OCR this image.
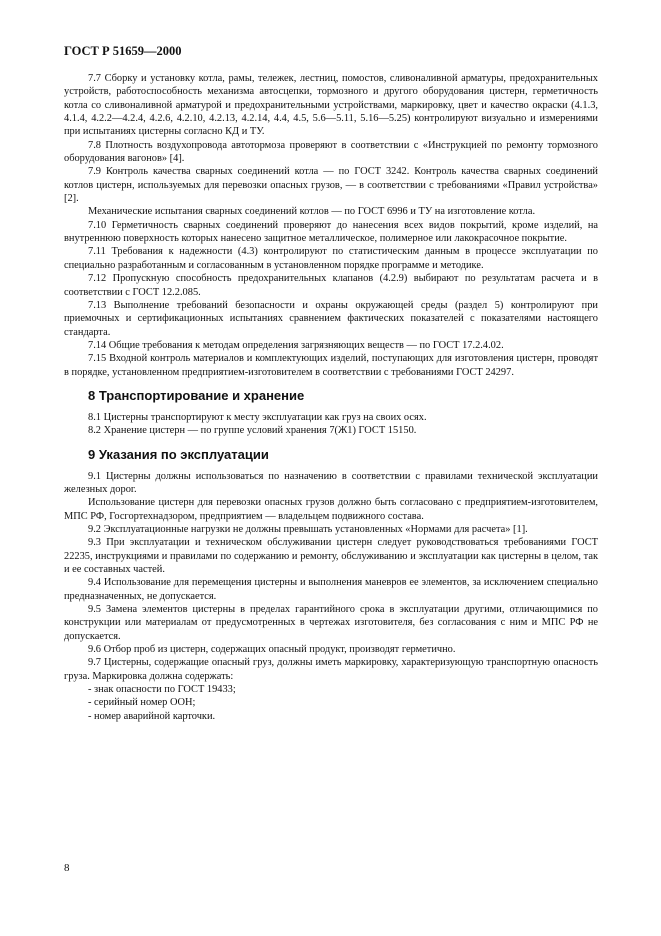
ГОСТ Р 51659—2000

7.7 Сборку и установку котла, рамы, тележек, лестниц, помостов, сливоналивной арматуры, предохранительных устройств, работоспособность механизма автосцепки, тормозного и другого оборудования цистерн, герметичность котла со сливоналивной арматурой и предохранительными устройствами, маркировку, цвет и качество окраски (4.1.3, 4.1.4, 4.2.2—4.2.4, 4.2.6, 4.2.10, 4.2.13, 4.2.14, 4.4, 4.5, 5.6—5.11, 5.16—5.25) контролируют визуально и измерениями при испытаниях цистерны согласно КД и ТУ.

7.8 Плотность воздухопровода автотормоза проверяют в соответствии с «Инструкцией по ремонту тормозного оборудования вагонов» [4].

7.9 Контроль качества сварных соединений котла — по ГОСТ 3242. Контроль качества сварных соединений котлов цистерн, используемых для перевозки опасных грузов, — в соответствии с требованиями «Правил устройства» [2].

Механические испытания сварных соединений котлов — по ГОСТ 6996 и ТУ на изготовление котла.

7.10 Герметичность сварных соединений проверяют до нанесения всех видов покрытий, кроме изделий, на внутреннюю поверхность которых нанесено защитное металлическое, полимерное или лакокрасочное покрытие.

7.11 Требования к надежности (4.3) контролируют по статистическим данным в процессе эксплуатации по специально разработанным и согласованным в установленном порядке программе и методике.

7.12 Пропускную способность предохранительных клапанов (4.2.9) выбирают по результатам расчета и в соответствии с ГОСТ 12.2.085.

7.13 Выполнение требований безопасности и охраны окружающей среды (раздел 5) контролируют при приемочных и сертификационных испытаниях сравнением фактических показателей с показателями настоящего стандарта.

7.14 Общие требования к методам определения загрязняющих веществ — по ГОСТ 17.2.4.02.

7.15 Входной контроль материалов и комплектующих изделий, поступающих для изготовления цистерн, проводят в порядке, установленном предприятием-изготовителем в соответствии с требованиями ГОСТ 24297.

8 Транспортирование и хранение

8.1 Цистерны транспортируют к месту эксплуатации как груз на своих осях.

8.2 Хранение цистерн — по группе условий хранения 7(Ж1) ГОСТ 15150.

9 Указания по эксплуатации

9.1 Цистерны должны использоваться по назначению в соответствии с правилами технической эксплуатации железных дорог.

Использование цистерн для перевозки опасных грузов должно быть согласовано с предприятием-изготовителем, МПС РФ, Госгортехнадзором, предприятием — владельцем подвижного состава.

9.2 Эксплуатационные нагрузки не должны превышать установленных «Нормами для расчета» [1].

9.3 При эксплуатации и техническом обслуживании цистерн следует руководствоваться требованиями ГОСТ 22235, инструкциями и правилами по содержанию и ремонту, обслуживанию и эксплуатации как цистерны в целом, так и ее составных частей.

9.4 Использование для перемещения цистерны и выполнения маневров ее элементов, за исключением специально предназначенных, не допускается.

9.5 Замена элементов цистерны в пределах гарантийного срока в эксплуатации другими, отличающимися по конструкции или материалам от предусмотренных в чертежах изготовителя, без согласования с ним и МПС РФ не допускается.

9.6 Отбор проб из цистерн, содержащих опасный продукт, производят герметично.

9.7 Цистерны, содержащие опасный груз, должны иметь маркировку, характеризующую транспортную опасность груза. Маркировка должна содержать:

- знак опасности по ГОСТ 19433;

- серийный номер ООН;

- номер аварийной карточки.

8
